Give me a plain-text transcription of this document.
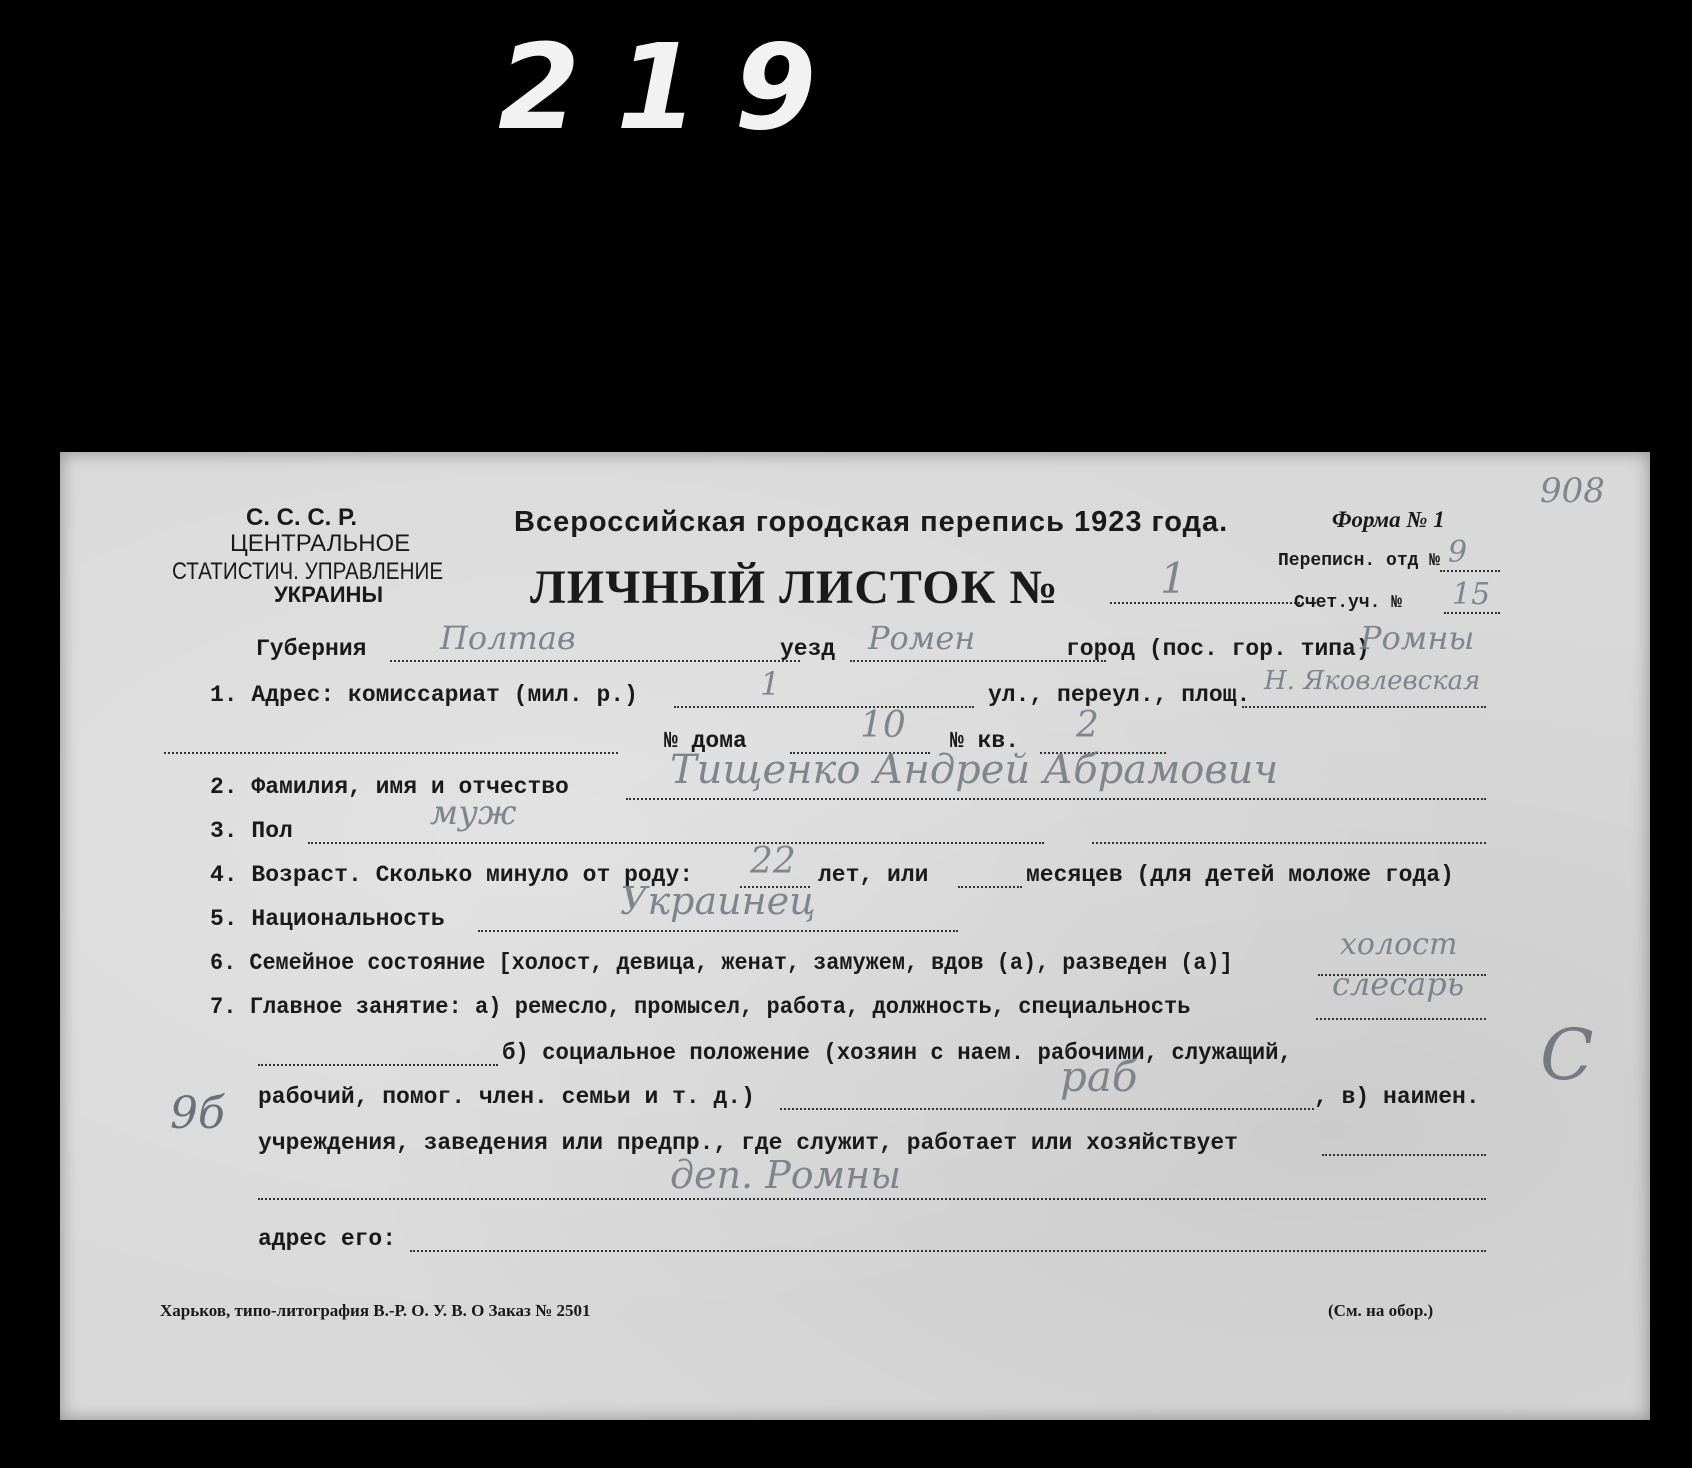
219
С. С. С. Р.
ЦЕНТРАЛЬНОЕ
СТАТИСТИЧ. УПРАВЛЕНИЕ
УКРАИНЫ
Всероссийская городская перепись 1923 года.	Форма № 1
ЛИЧНЫЙ ЛИСТОК № 1	Переписн. отд № 9
Счет.уч. № 15
908
Губерния Полтав	уезд Ромен	город (пос. гор. типа)
Ромны
1. Адрес: комиссариат (мил. р.)	1	ул., переул., площ. Н. Яковлевская
№ дома	10 № кв. 2
2. Фамилия, имя и отчество	Тищенко Андрей Абрамович
3. Пол	муж
4. Возраст. Сколько минуло от роду: 22 лет, или	месяцев (для детей моложе года)
5. Национальность	Украинец
6. Семейное состояние [холост, девица, женат, замужем, вдов (а), разведен (а)]
холост
7. Главное занятие: а) ремесло, промысел, работа, должность, специальность
слесарь
б) социальное положение (хозяин с наем. рабочими, служащий,
рабочий, помог. член. семьи и т. д.)	раб	, в) наимен.
учреждения, заведения или предпр., где служит, работает или хозяйствует
деп. Ромны
адрес его:
9б
С
Харьков, типо-литография В.-Р. О. У. В. О Заказ № 2501	(См. на обор.)
